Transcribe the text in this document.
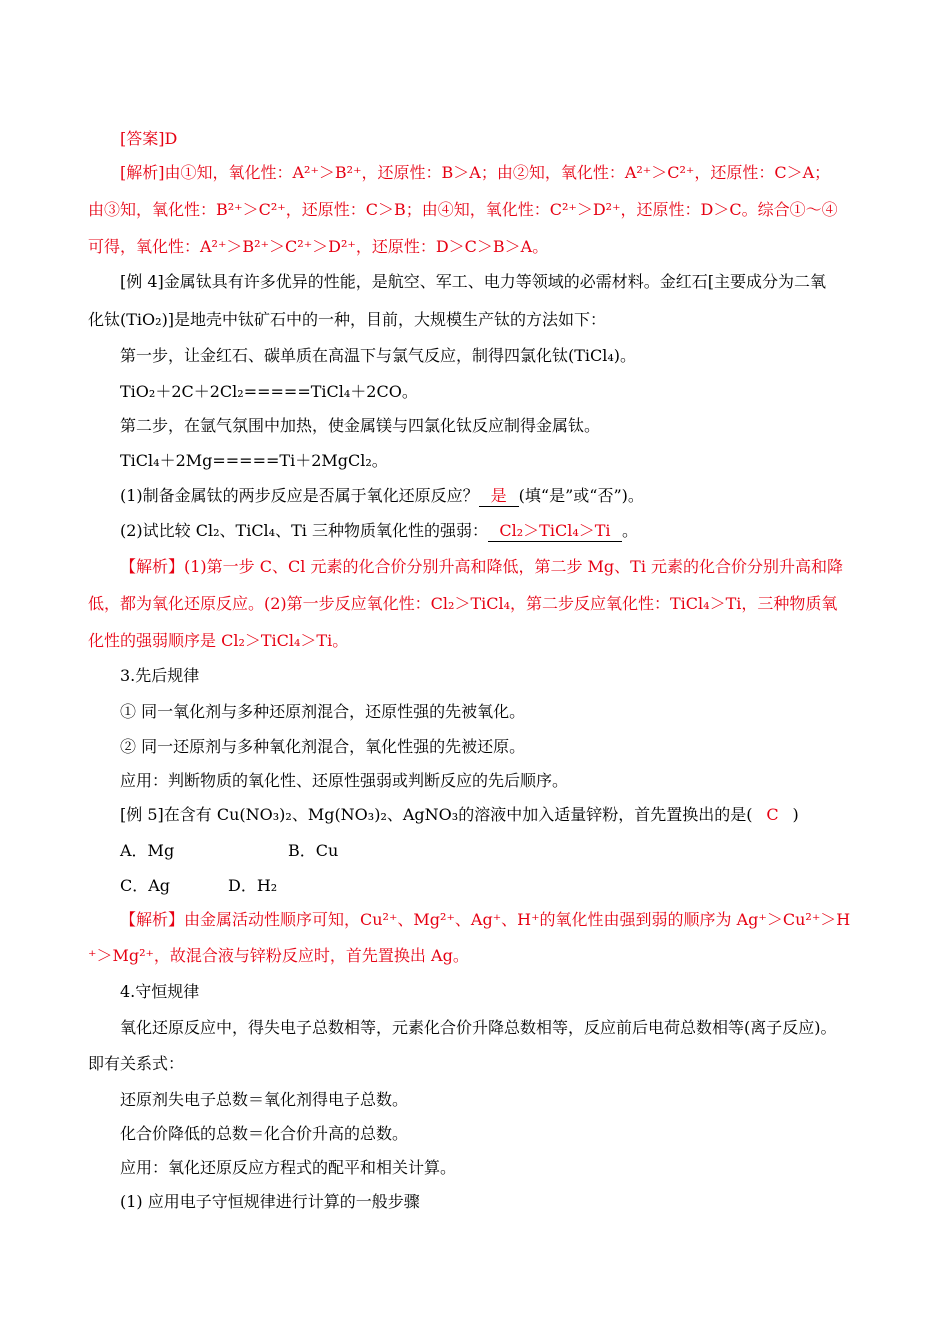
[答案]D
[解析]由①知，氧化性：A²⁺＞B²⁺，还原性：B＞A；由②知，氧化性：A²⁺＞C²⁺，还原性：C＞A；
由③知，氧化性：B²⁺＞C²⁺，还原性：C＞B；由④知，氧化性：C²⁺＞D²⁺，还原性：D＞C。综合①～④
可得，氧化性：A²⁺＞B²⁺＞C²⁺＞D²⁺，还原性：D＞C＞B＞A。
[例 4]金属钛具有许多优异的性能，是航空、军工、电力等领域的必需材料。金红石[主要成分为二氧
化钛(TiO₂)]是地壳中钛矿石中的一种，目前，大规模生产钛的方法如下：
第一步，让金红石、碳单质在高温下与氯气反应，制得四氯化钛(TiCl₄)。
TiO₂＋2C＋2Cl₂=====TiCl₄＋2CO。
第二步，在氩气氛围中加热，使金属镁与四氯化钛反应制得金属钛。
TiCl₄＋2Mg=====Ti＋2MgCl₂。
(1)制备金属钛的两步反应是否属于氧化还原反应？ 是 (填“是”或“否”)。
(2)试比较 Cl₂、TiCl₄、Ti 三种物质氧化性的强弱： Cl₂＞TiCl₄＞Ti 。
【解析】(1)第一步 C、Cl 元素的化合价分别升高和降低，第二步 Mg、Ti 元素的化合价分别升高和降
低，都为氧化还原反应。(2)第一步反应氧化性：Cl₂＞TiCl₄，第二步反应氧化性：TiCl₄＞Ti，三种物质氧
化性的强弱顺序是 Cl₂＞TiCl₄＞Ti。
3.先后规律
① 同一氧化剂与多种还原剂混合，还原性强的先被氧化。
② 同一还原剂与多种氧化剂混合，氧化性强的先被还原。
应用：判断物质的氧化性、还原性强弱或判断反应的先后顺序。
[例 5]在含有 Cu(NO₃)₂、Mg(NO₃)₂、AgNO₃的溶液中加入适量锌粉，首先置换出的是( C )
A．Mg	B．Cu
C．Ag	D．H₂
【解析】由金属活动性顺序可知，Cu²⁺、Mg²⁺、Ag⁺、H⁺的氧化性由强到弱的顺序为 Ag⁺＞Cu²⁺＞H
⁺＞Mg²⁺，故混合液与锌粉反应时，首先置换出 Ag。
4.守恒规律
氧化还原反应中，得失电子总数相等，元素化合价升降总数相等，反应前后电荷总数相等(离子反应)。
即有关系式：
还原剂失电子总数＝氧化剂得电子总数。
化合价降低的总数＝化合价升高的总数。
应用：氧化还原反应方程式的配平和相关计算。
(1) 应用电子守恒规律进行计算的一般步骤
